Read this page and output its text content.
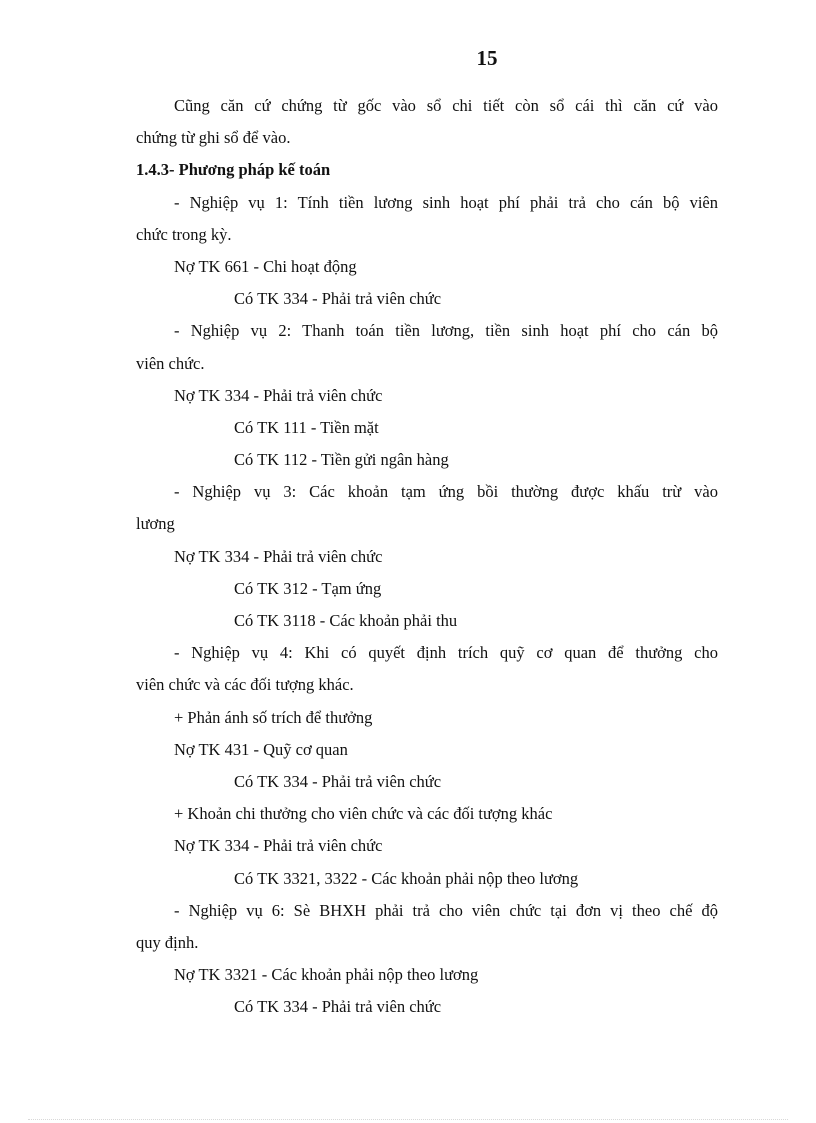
15
Cũng căn cứ chứng từ gốc vào sổ chi tiết còn sổ cái thì căn cứ vào
chứng từ ghi sổ để vào.
1.4.3- Phương pháp kế toán
- Nghiệp vụ 1: Tính tiền lương sinh hoạt phí phải trả cho cán bộ viên
chức trong kỳ.
Nợ TK 661 - Chi hoạt động
Có TK 334 - Phải trả viên chức
- Nghiệp vụ 2: Thanh toán tiền lương, tiền sinh hoạt phí cho cán bộ
viên chức.
Nợ TK 334 - Phải trả viên chức
Có TK 111 - Tiền mặt
Có TK 112 - Tiền gửi ngân hàng
- Nghiệp vụ 3: Các khoản tạm ứng bồi thường được khấu trừ vào
lương
Nợ TK 334 - Phải trả viên chức
Có TK 312 - Tạm ứng
Có TK 3118 - Các khoản phải thu
- Nghiệp vụ 4: Khi có quyết định trích quỹ cơ quan để thưởng cho
viên chức và các đối tượng khác.
+ Phản ánh số trích để thưởng
Nợ TK 431 - Quỹ cơ quan
Có TK 334 - Phải trả viên chức
+ Khoản chi thưởng cho viên chức và các đối tượng khác
Nợ TK 334 - Phải trả viên chức
Có TK 3321, 3322 - Các khoản phải nộp theo lương
- Nghiệp vụ 6: Sè BHXH phải trả cho viên chức tại đơn vị theo chế độ
quy định.
Nợ TK 3321 - Các khoản phải nộp theo lương
Có TK 334 - Phải trả viên chức
